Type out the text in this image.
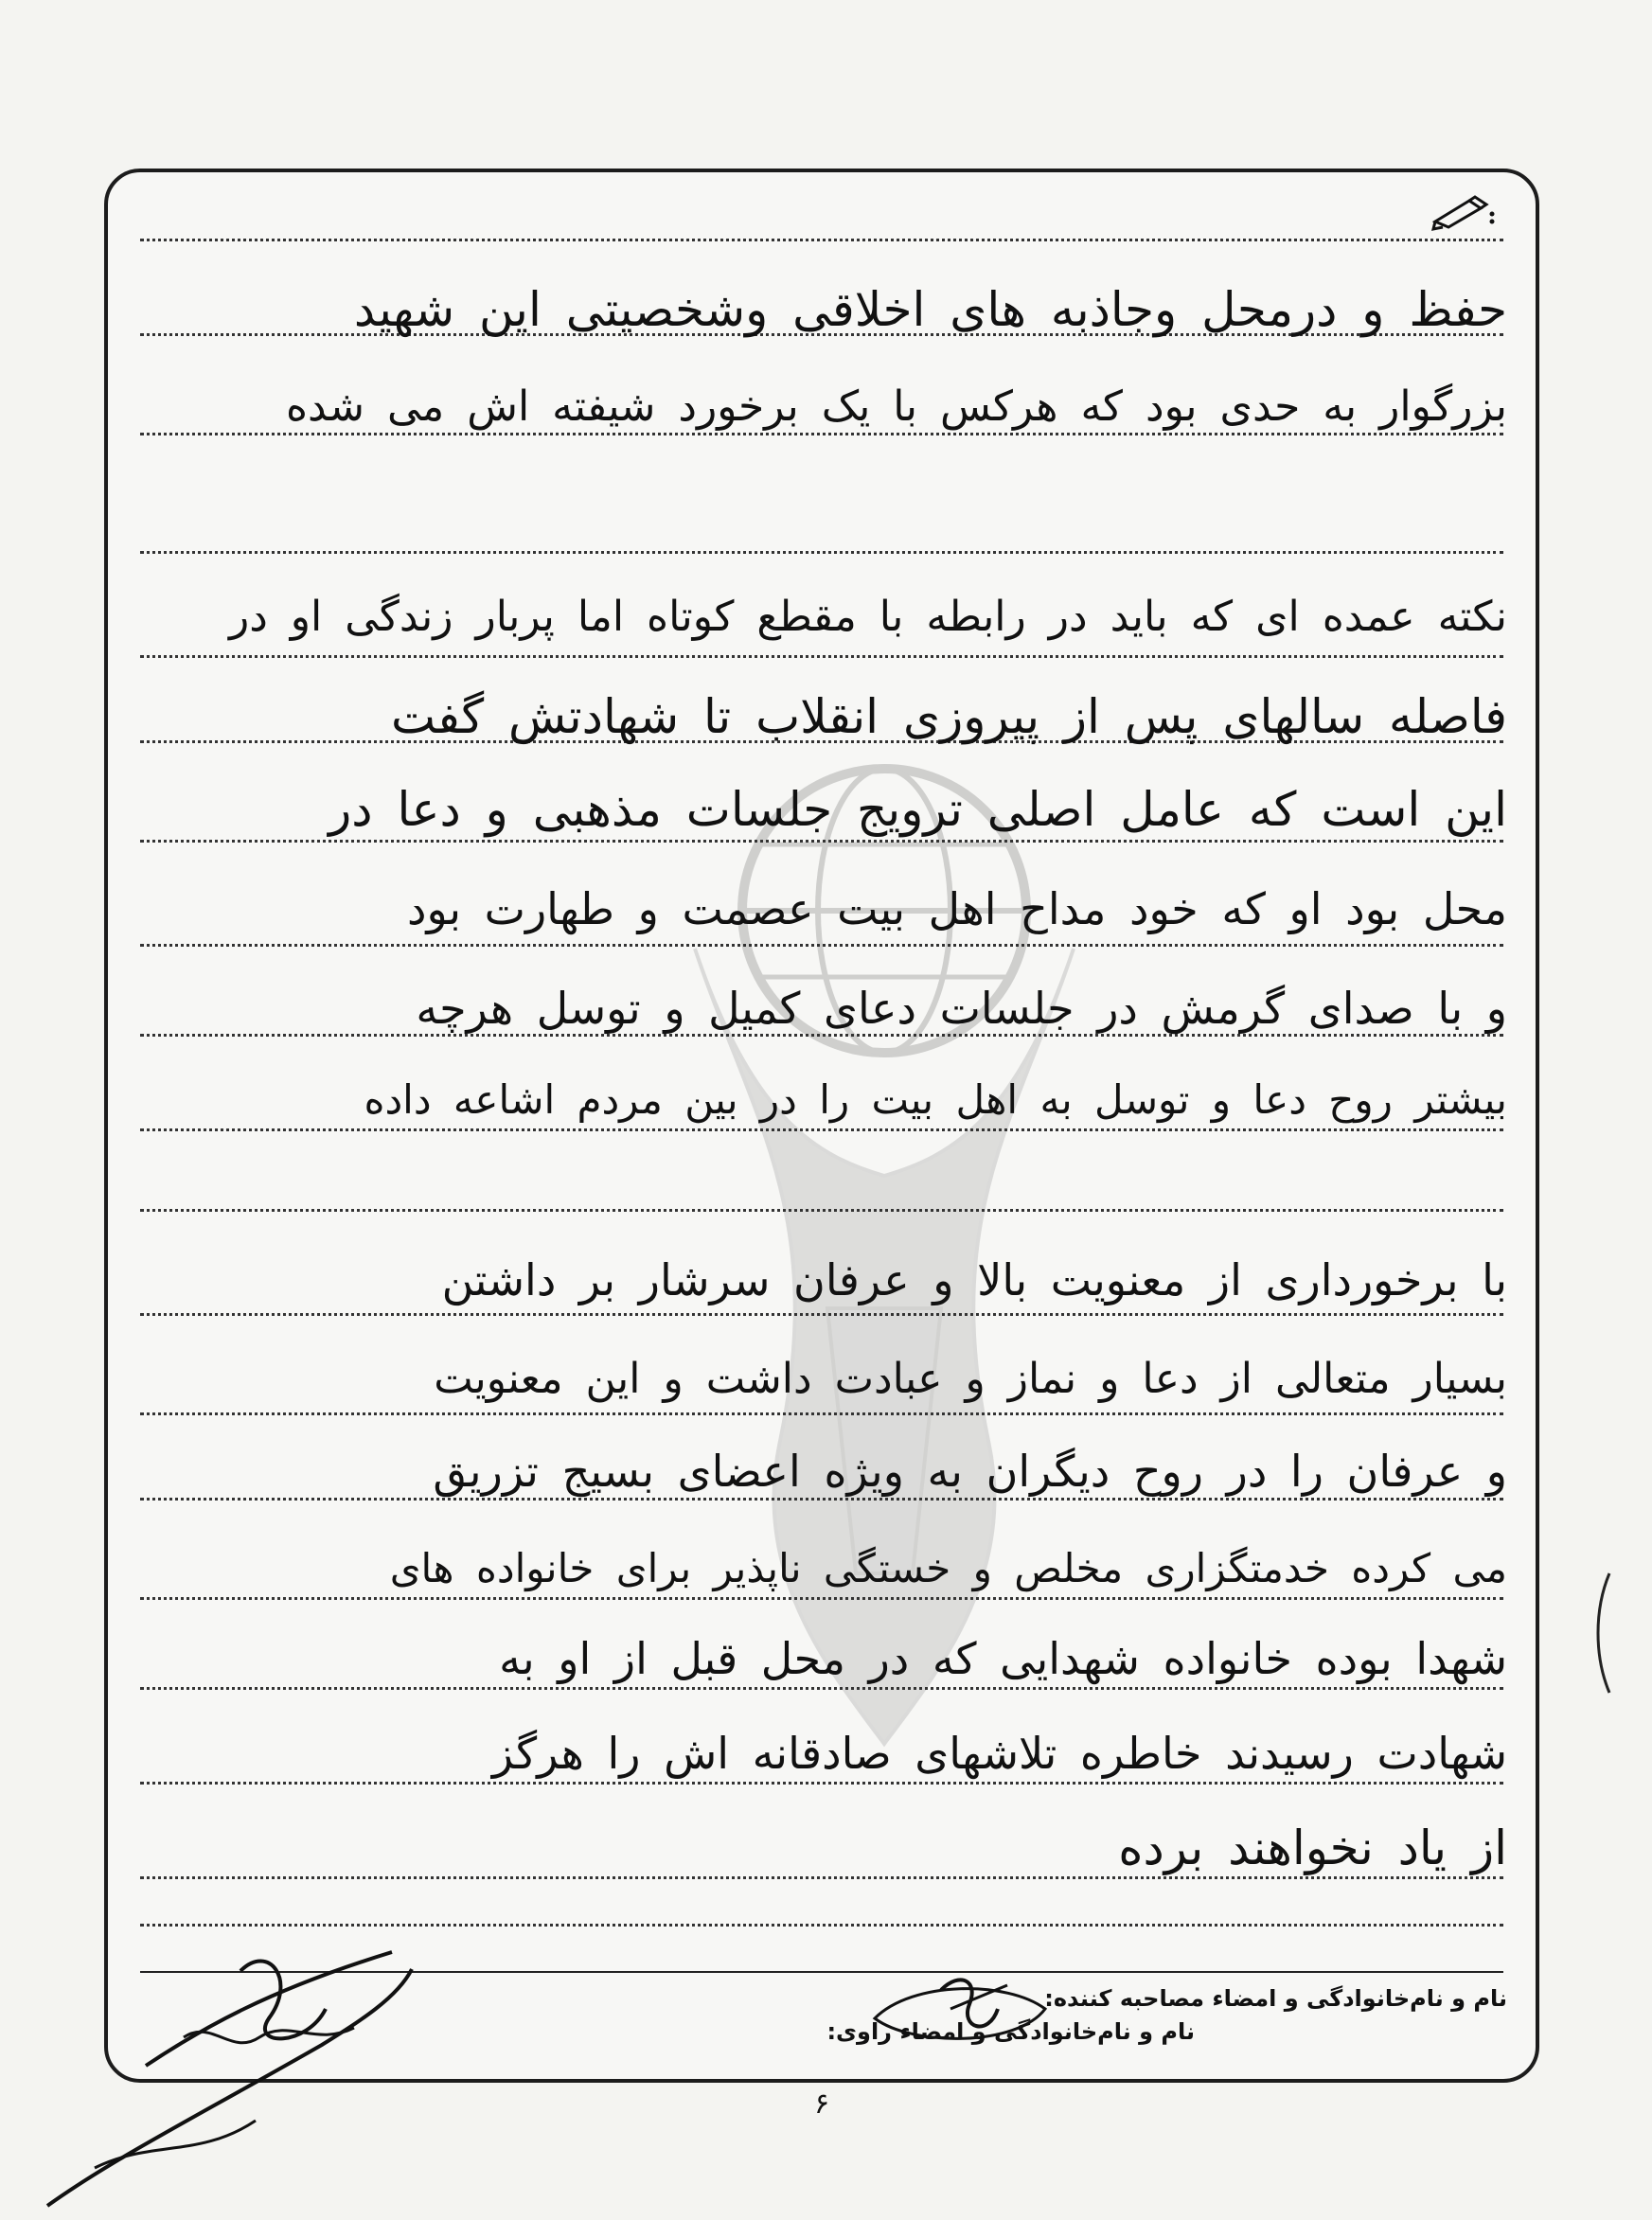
حفظ و درمحل وجاذبه های اخلاقی وشخصیتی این شهید
بزرگوار به حدی بود که هرکس با یک برخورد شیفته اش می شده
نکته عمده ای که باید در رابطه با مقطع کوتاه اما پربار زندگی او در
فاصله سالهای پس از پیروزی انقلاب تا شهادتش گفت
این است که عامل اصلی ترویج جلسات مذهبی و دعا در
محل بود او که خود مداح اهل بیت عصمت و طهارت بود
و با صدای گرمش در جلسات دعای کمیل و توسل هرچه
بیشتر روح دعا و توسل به اهل بیت را در بین مردم اشاعه داده
با برخورداری از معنویت بالا و عرفان سرشار بر داشتن
بسیار متعالی از دعا و نماز و عبادت داشت و این معنویت
و عرفان را در روح دیگران به ویژه اعضای بسیج تزریق
می کرده خدمتگزاری مخلص و خستگی ناپذیر برای خانواده های
شهدا بوده خانواده شهدایی که در محل قبل از او به
شهادت رسیدند خاطره تلاشهای صادقانه اش را هرگز
از یاد نخواهند برده
نام و نام‌خانوادگی و امضاء مصاحبه کننده:
نام و نام‌خانوادگی و امضاء راوی:
۶
